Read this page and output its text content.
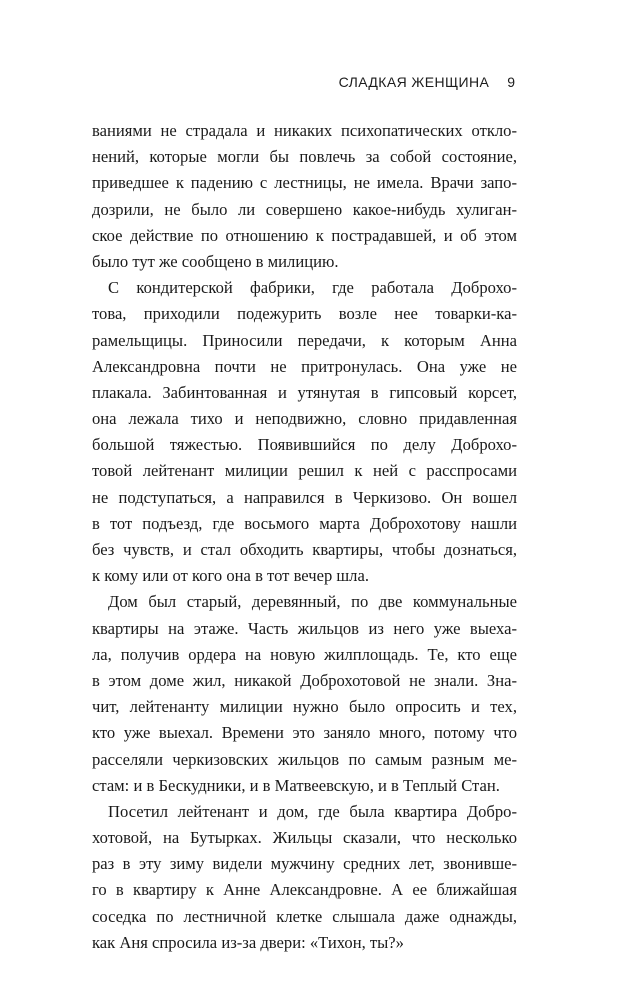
СЛАДКАЯ ЖЕНЩИНА 9
ваниями не страдала и никаких психопатических откло-
нений, которые могли бы повлечь за собой состояние,
приведшее к падению с лестницы, не имела. Врачи запо-
дозрили, не было ли совершено какое-нибудь хулиган-
ское действие по отношению к пострадавшей, и об этом
было тут же сообщено в милицию.
С кондитерской фабрики, где работала Доброхо-
това, приходили подежурить возле нее товарки-ка-
рамельщицы. Приносили передачи, к которым Анна
Александровна почти не притронулась. Она уже не
плакала. Забинтованная и утянутая в гипсовый корсет,
она лежала тихо и неподвижно, словно придавленная
большой тяжестью. Появившийся по делу Доброхо-
товой лейтенант милиции решил к ней с расспросами
не подступаться, а направился в Черкизово. Он вошел
в тот подъезд, где восьмого марта Доброхотову нашли
без чувств, и стал обходить квартиры, чтобы дознаться,
к кому или от кого она в тот вечер шла.
Дом был старый, деревянный, по две коммунальные
квартиры на этаже. Часть жильцов из него уже выеха-
ла, получив ордера на новую жилплощадь. Те, кто еще
в этом доме жил, никакой Доброхотовой не знали. Зна-
чит, лейтенанту милиции нужно было опросить и тех,
кто уже выехал. Времени это заняло много, потому что
расселяли черкизовских жильцов по самым разным ме-
стам: и в Бескудники, и в Матвеевскую, и в Теплый Стан.
Посетил лейтенант и дом, где была квартира Добро-
хотовой, на Бутырках. Жильцы сказали, что несколько
раз в эту зиму видели мужчину средних лет, звонивше-
го в квартиру к Анне Александровне. А ее ближайшая
соседка по лестничной клетке слышала даже однажды,
как Аня спросила из-за двери: «Тихон, ты?»
